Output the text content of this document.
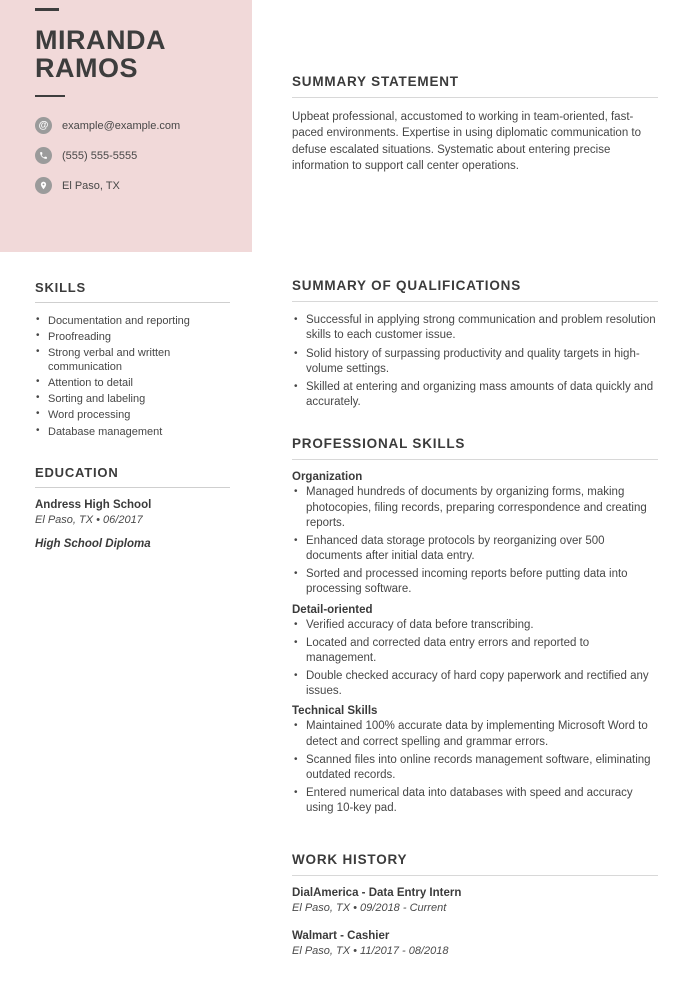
MIRANDA
RAMOS
@	example@example.com
(555) 555-5555
El Paso, TX
SKILLS
• Documentation and reporting
• Proofreading
• Strong verbal and written communication
• Attention to detail
• Sorting and labeling
• Word processing
• Database management
EDUCATION
Andress High School
El Paso, TX • 06/2017
High School Diploma
SUMMARY STATEMENT

Upbeat professional, accustomed to working in team-oriented, fast-paced environments. Expertise in using diplomatic communication to defuse escalated situations. Systematic about entering precise information to support call center operations.

SUMMARY OF QUALIFICATIONS
• Successful in applying strong communication and problem resolution skills to each customer issue.
• Solid history of surpassing productivity and quality targets in high-volume settings.
• Skilled at entering and organizing mass amounts of data quickly and accurately.
PROFESSIONAL SKILLS
Organization
• Managed hundreds of documents by organizing forms, making photocopies, filing records, preparing correspondence and creating reports.
• Enhanced data storage protocols by reorganizing over 500 documents after initial data entry.
• Sorted and processed incoming reports before putting data into processing software.
Detail-oriented
• Verified accuracy of data before transcribing.
• Located and corrected data entry errors and reported to management.
• Double checked accuracy of hard copy paperwork and rectified any issues.
Technical Skills
• Maintained 100% accurate data by implementing Microsoft Word to detect and correct spelling and grammar errors.
• Scanned files into online records management software, eliminating outdated records.
• Entered numerical data into databases with speed and accuracy using 10-key pad.
WORK HISTORY
DialAmerica - Data Entry Intern
El Paso, TX • 09/2018 - Current
Walmart - Cashier
El Paso, TX • 11/2017 - 08/2018
